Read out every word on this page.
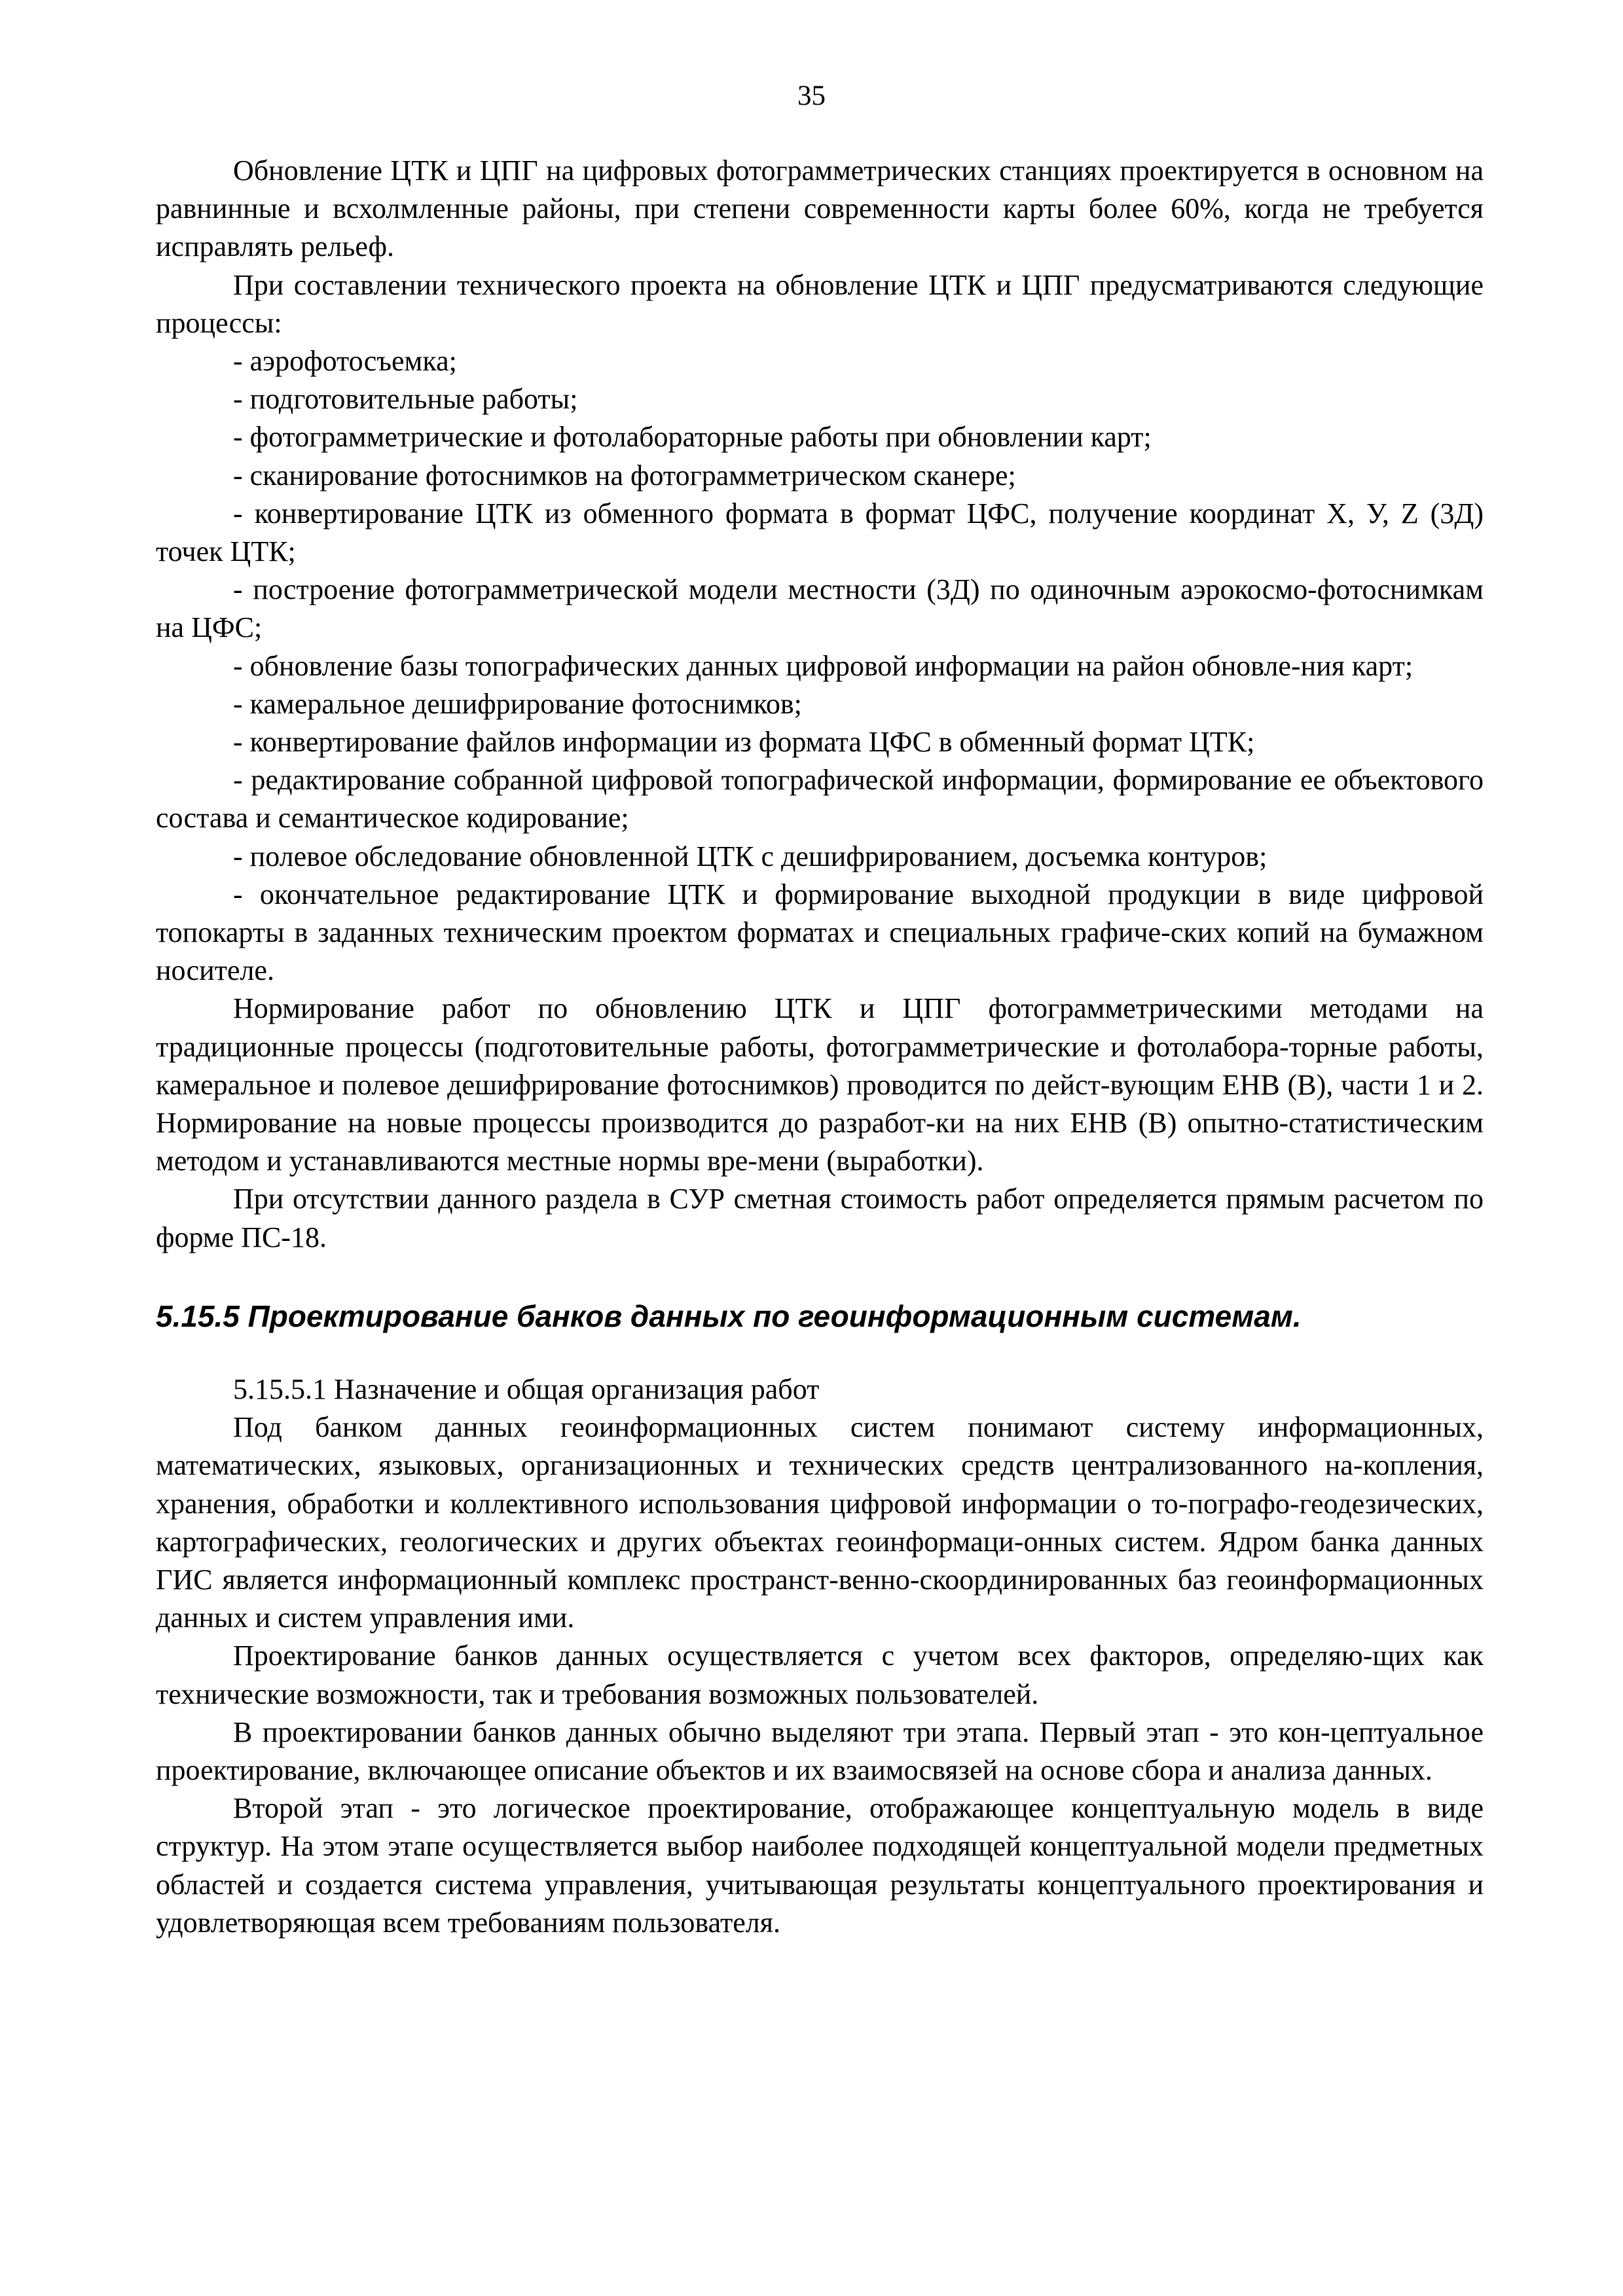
35

Обновление ЦТК и ЦПГ на цифровых фотограмметрических станциях проектируется в основном на равнинные и всхолмленные районы, при степени современности карты более 60%, когда не требуется исправлять рельеф.

При составлении технического проекта на обновление ЦТК и ЦПГ предусматриваются следующие процессы:

- аэрофотосъемка;

- подготовительные работы;

- фотограмметрические и фотолабораторные работы при обновлении карт;

- сканирование фотоснимков на фотограмметрическом сканере;

- конвертирование ЦТК из обменного формата в формат ЦФС, получение координат Х, У, Z (3Д) точек ЦТК;

- построение фотограмметрической модели местности (3Д) по одиночным аэрокосмо-фотоснимкам на ЦФС;

- обновление базы топографических данных цифровой информации на район обновле-ния карт;

- камеральное дешифрирование фотоснимков;

- конвертирование файлов информации из формата ЦФС в обменный формат ЦТК;

- редактирование собранной цифровой топографической информации, формирование ее объектового состава и семантическое кодирование;

- полевое обследование обновленной ЦТК с дешифрированием, досъемка контуров;

- окончательное редактирование ЦТК и формирование выходной продукции в виде цифровой топокарты в заданных техническим проектом форматах и специальных графиче-ских копий на бумажном носителе.

Нормирование работ по обновлению ЦТК и ЦПГ фотограмметрическими методами на традиционные процессы (подготовительные работы, фотограмметрические и фотолабора-торные работы, камеральное и полевое дешифрирование фотоснимков) проводится по дейст-вующим ЕНВ (В), части 1 и 2. Нормирование на новые процессы производится до разработ-ки на них ЕНВ (В) опытно-статистическим методом и устанавливаются местные нормы вре-мени (выработки).

При отсутствии данного раздела в СУР сметная стоимость работ определяется прямым расчетом по форме ПС-18.

5.15.5 Проектирование банков данных по геоинформационным системам.

5.15.5.1 Назначение и общая организация работ

Под банком данных геоинформационных систем понимают систему информационных, математических, языковых, организационных и технических средств централизованного на-копления, хранения, обработки и коллективного использования цифровой информации о то-пографо-геодезических, картографических, геологических и других объектах геоинформаци-онных систем. Ядром банка данных ГИС является информационный комплекс пространст-венно-скоординированных баз геоинформационных данных и систем управления ими.

Проектирование банков данных осуществляется с учетом всех факторов, определяю-щих как технические возможности, так и требования возможных пользователей.

В проектировании банков данных обычно выделяют три этапа. Первый этап - это кон-цептуальное проектирование, включающее описание объектов и их взаимосвязей на основе сбора и анализа данных.

Второй этап - это логическое проектирование, отображающее концептуальную модель в виде структур. На этом этапе осуществляется выбор наиболее подходящей концептуальной модели предметных областей и создается система управления, учитывающая результаты концептуального проектирования и удовлетворяющая всем требованиям пользователя.
